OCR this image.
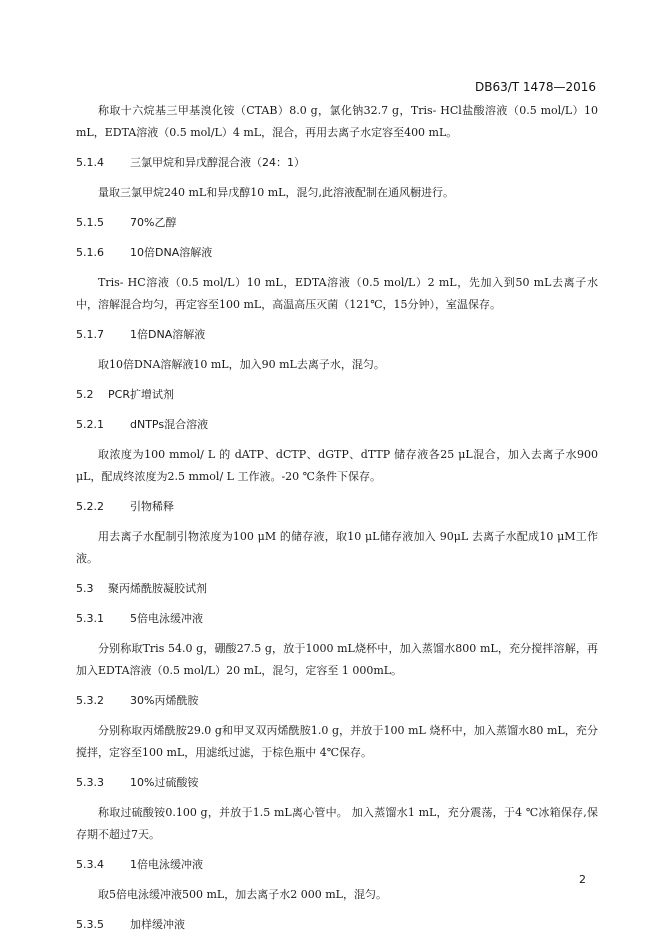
DB63/T 1478—2016

称取十六烷基三甲基溴化铵（CTAB）8.0 g，氯化钠32.7 g，Tris- HCl盐酸溶液（0.5 mol/L）10 mL，EDTA溶液（0.5 mol/L）4 mL，混合，再用去离子水定容至400 mL。

5.1.4 三氯甲烷和异戊醇混合液（24：1）

量取三氯甲烷240 mL和异戊醇10 mL，混匀,此溶液配制在通风橱进行。

5.1.5 70%乙醇
5.1.6 10倍DNA溶解液

Tris- HC溶液（0.5 mol/L）10 mL，EDTA溶液（0.5 mol/L）2 mL，先加入到50 mL去离子水中，溶解混合均匀，再定容至100 mL，高温高压灭菌（121℃，15分钟），室温保存。

5.1.7 1倍DNA溶解液

取10倍DNA溶解液10 mL，加入90 mL去离子水，混匀。

5.2 PCR扩增试剂
5.2.1 dNTPs混合溶液

取浓度为100 mmol/ L 的 dATP、dCTP、dGTP、dTTP 储存液各25 μL混合，加入去离子水900 μL，配成终浓度为2.5 mmol/ L 工作液。-20 ℃条件下保存。

5.2.2 引物稀释

用去离子水配制引物浓度为100 μM 的储存液，取10 μL储存液加入 90μL 去离子水配成10 μM工作液。

5.3 聚丙烯酰胺凝胶试剂
5.3.1 5倍电泳缓冲液

分别称取Tris 54.0 g，硼酸27.5 g，放于1000 mL烧杯中，加入蒸馏水800 mL，充分搅拌溶解，再加入EDTA溶液（0.5 mol/L）20 mL，混匀，定容至 1 000mL。

5.3.2 30%丙烯酰胺

分别称取丙烯酰胺29.0 g和甲叉双丙烯酰胺1.0 g，并放于100 mL 烧杯中，加入蒸馏水80 mL，充分搅拌，定容至100 mL，用滤纸过滤，于棕色瓶中 4℃保存。

5.3.3 10%过硫酸铵

称取过硫酸铵0.100 g，并放于1.5 mL离心管中。 加入蒸馏水1 mL，充分震荡，于4 ℃冰箱保存,保存期不超过7天。

5.3.4 1倍电泳缓冲液

取5倍电泳缓冲液500 mL，加去离子水2 000 mL，混匀。

5.3.5 加样缓冲液
2
